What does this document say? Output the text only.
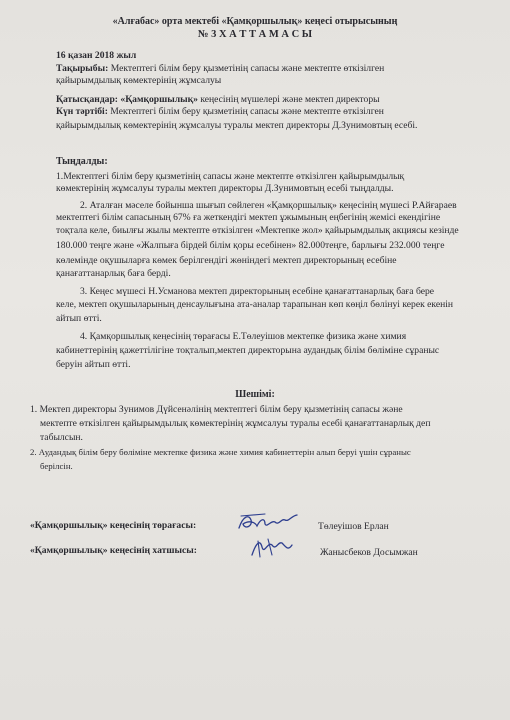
«Алғабас» орта мектебі «Қамқоршылық» кеңесі отырысының
№ 3 Х А Т Т А М А С Ы
16 қазан 2018 жыл
Тақырыбы: Мектептегі білім беру қызметінің сапасы және мектепте өткізілген
қайырымдылық көмектерінің жұмсалуы
Қатысқандар: «Қамқоршылық» кеңесінің мүшелері және мектеп директоры
Күн тәртібі: Мектептегі білім беру қызметінің сапасы және мектепте өткізілген
қайырымдылық көмектерінің жұмсалуы туралы мектеп директоры Д.Зунимовтың есебі.
Тыңдалды:
1.Мектептегі білім беру қызметінің сапасы және мектепте өткізілген қайырымдылық
көмектерінің жұмсалуы туралы мектеп директоры Д.Зунимовтың есебі тыңдалды.
2. Аталған мәселе бойынша шығып сөйлеген «Қамқоршылық» кеңесінің мүшесі Р.Айғараев
мектептегі білім сапасының 67% ға жеткендігі мектеп ұжымының еңбегінің жемісі екендігіне
тоқтала келе, биылғы жылы мектепте өткізілген «Мектепке жол» қайырымдылық акциясы кезінде
180.000 теңге және «Жалпыға бірдей білім қоры есебінен» 82.000теңге, барлығы 232.000 теңге
көлемінде оқушыларға көмек берілгендігі жөніндегі мектеп директорының есебіне
қанағаттанарлық баға берді.
3. Кеңес мүшесі Н.Усманова мектеп директорының есебіне қанағаттанарлық баға бере
келе, мектеп оқушыларының денсаулығына ата-аналар тарапынан көп көңіл бөлінуі керек екенін
айтып өтті.
4. Қамқоршылық кеңесінің төрағасы Е.Төлеуішов мектепке физика және химия
кабинеттерінің қажеттілігіне тоқталып,мектеп директорына аудандық білім бөліміне сұраныс
беруін айтып өтті.
Шешімі:
1. Мектеп директоры Зунимов Дүйсенәлінің мектептегі білім беру қызметінің сапасы және
мектепте өткізілген қайырымдылық көмектерінің жұмсалуы туралы есебі қанағаттанарлық деп
табылсын.
2. Аудандық білім беру бөліміне мектепке физика және химия кабинеттерін алып беруі үшін сұраныс
берілсін.
«Қамқоршылық» кеңесінің төрағасы:	Төлеуішов Ерлан
«Қамқоршылық» кеңесінің хатшысы:	Жаныcбеков Досымжан
